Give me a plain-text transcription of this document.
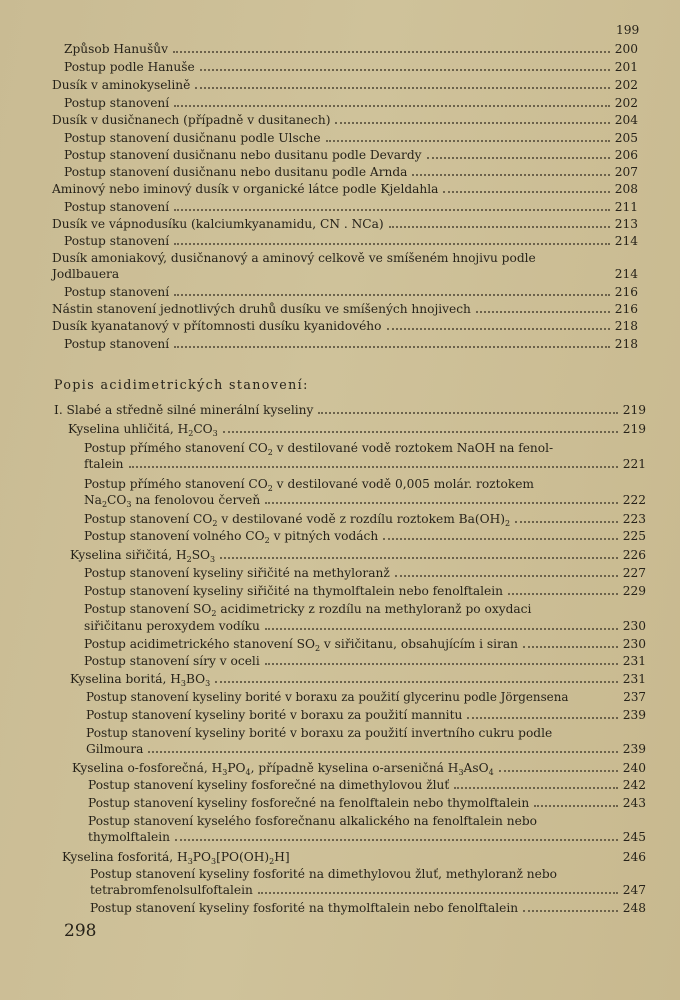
199
Způsob Hanušův	200
Postup podle Hanuše	201
Dusík v aminokyselině	202
Postup stanovení	202
Dusík v dusičnanech (případně v dusitanech)	204
Postup stanovení dusičnanu podle Ulsche	205
Postup stanovení dusičnanu nebo dusitanu podle Devardy	206
Postup stanovení dusičnanu nebo dusitanu podle Arnda	207
Aminový nebo iminový dusík v organické látce podle Kjeldahla	208
Postup stanovení	211
Dusík ve vápnodusíku (kalciumkyanamidu, CN . NCa)	213
Postup stanovení	214
Dusík amoniakový, dusičnanový a aminový celkově ve smíšeném hnojivu podle
Jodlbauera	214
Postup stanovení	216
Nástin stanovení jednotlivých druhů dusíku ve smíšených hnojivech	216
Dusík kyanatanový v přítomnosti dusíku kyanidového	218
Postup stanovení	218
Popis acidimetrických stanovení:
I. Slabé a středně silné minerální kyseliny	219
Kyselina uhličitá, $H_2CO_3$	219
Postup přímého stanovení $CO_2$ v destilované vodě roztokem NaOH na fenol-
ftalein	221
Postup přímého stanovení $CO_2$ v destilované vodě 0,005 molár. roztokem
$Na_2CO_3$ na fenolovou červeň	222
Postup stanovení $CO_2$ v destilované vodě z rozdílu roztokem $Ba(OH)_2$	223
Postup stanovení volného $CO_2$ v pitných vodách	225
Kyselina siřičitá, $H_2SO_3$	226
Postup stanovení kyseliny siřičité na methyloranž	227
Postup stanovení kyseliny siřičité na thymolftalein nebo fenolftalein	229
Postup stanovení $SO_2$ acidimetricky z rozdílu na methyloranž po oxydaci
siřičitanu peroxydem vodíku	230
Postup acidimetrického stanovení $SO_2$ v siřičitanu, obsahujícím i siran	230
Postup stanovení síry v oceli	231
Kyselina boritá, $H_3BO_3$	231
Postup stanovení kyseliny borité v boraxu za použití glycerinu podle Jörgensena	237
Postup stanovení kyseliny borité v boraxu za použití mannitu	239
Postup stanovení kyseliny borité v boraxu za použití invertního cukru podle
Gilmoura	239
Kyselina o-fosforečná, $H_3PO_4$, případně kyselina o-arseničná $H_3AsO_4$	240
Postup stanovení kyseliny fosforečné na dimethylovou žluť	242
Postup stanovení kyseliny fosforečné na fenolftalein nebo thymolftalein	243
Postup stanovení kyselého fosforečnanu alkalického na fenolftalein nebo
thymolftalein	245
Kyselina fosforitá, $H_3PO_3[PO(OH)_2H]$	246
Postup stanovení kyseliny fosforité na dimethylovou žluť, methyloranž nebo
tetrabromfenolsulfoftalein	247
Postup stanovení kyseliny fosforité na thymolftalein nebo fenolftalein	248
298
